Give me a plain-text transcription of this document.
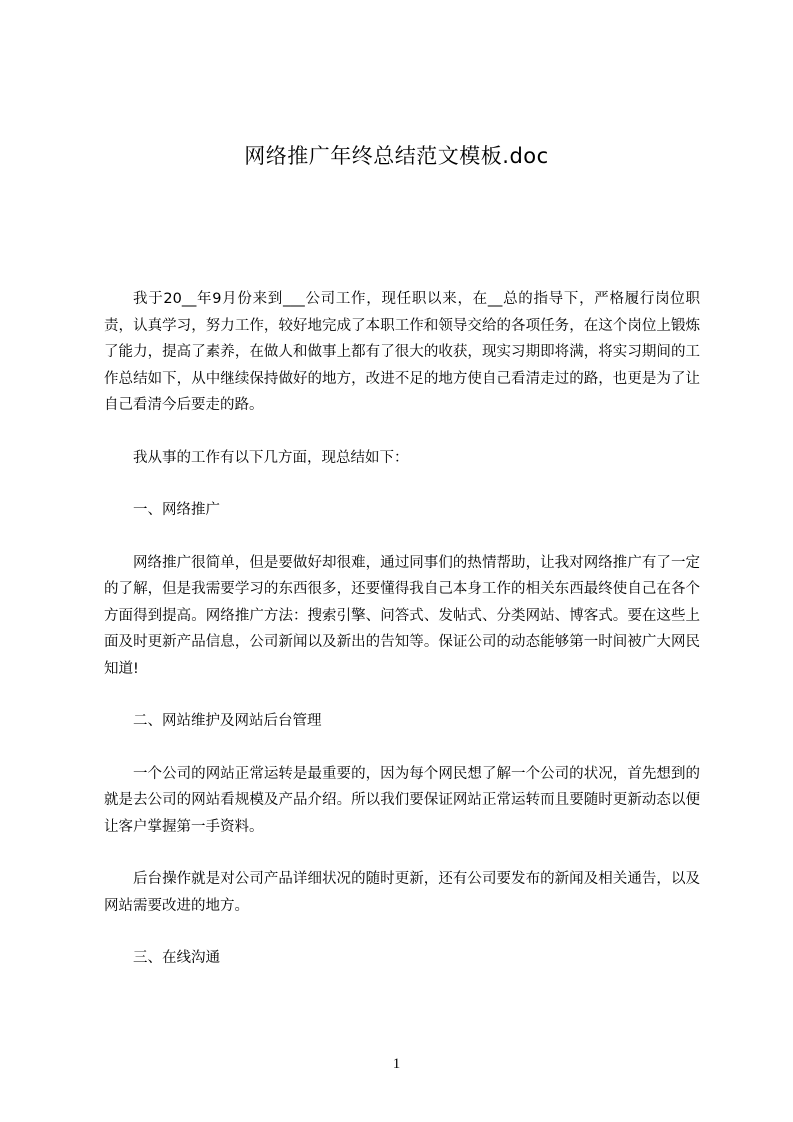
网络推广年终总结范文模板.doc

我于20__年9月份来到___公司工作，现任职以来，在__总的指导下，严格履行岗位职责，认真学习，努力工作，较好地完成了本职工作和领导交给的各项任务，在这个岗位上锻炼了能力，提高了素养，在做人和做事上都有了很大的收获，现实习期即将满，将实习期间的工作总结如下，从中继续保持做好的地方，改进不足的地方使自己看清走过的路，也更是为了让自己看清今后要走的路。

我从事的工作有以下几方面，现总结如下：

一、网络推广

网络推广很简单，但是要做好却很难，通过同事们的热情帮助，让我对网络推广有了一定的了解，但是我需要学习的东西很多，还要懂得我自己本身工作的相关东西最终使自己在各个方面得到提高。网络推广方法：搜索引擎、问答式、发帖式、分类网站、博客式。要在这些上面及时更新产品信息，公司新闻以及新出的告知等。保证公司的动态能够第一时间被广大网民知道!

二、网站维护及网站后台管理

一个公司的网站正常运转是最重要的，因为每个网民想了解一个公司的状况，首先想到的就是去公司的网站看规模及产品介绍。所以我们要保证网站正常运转而且要随时更新动态以便让客户掌握第一手资料。

后台操作就是对公司产品详细状况的随时更新，还有公司要发布的新闻及相关通告，以及网站需要改进的地方。

三、在线沟通

1
